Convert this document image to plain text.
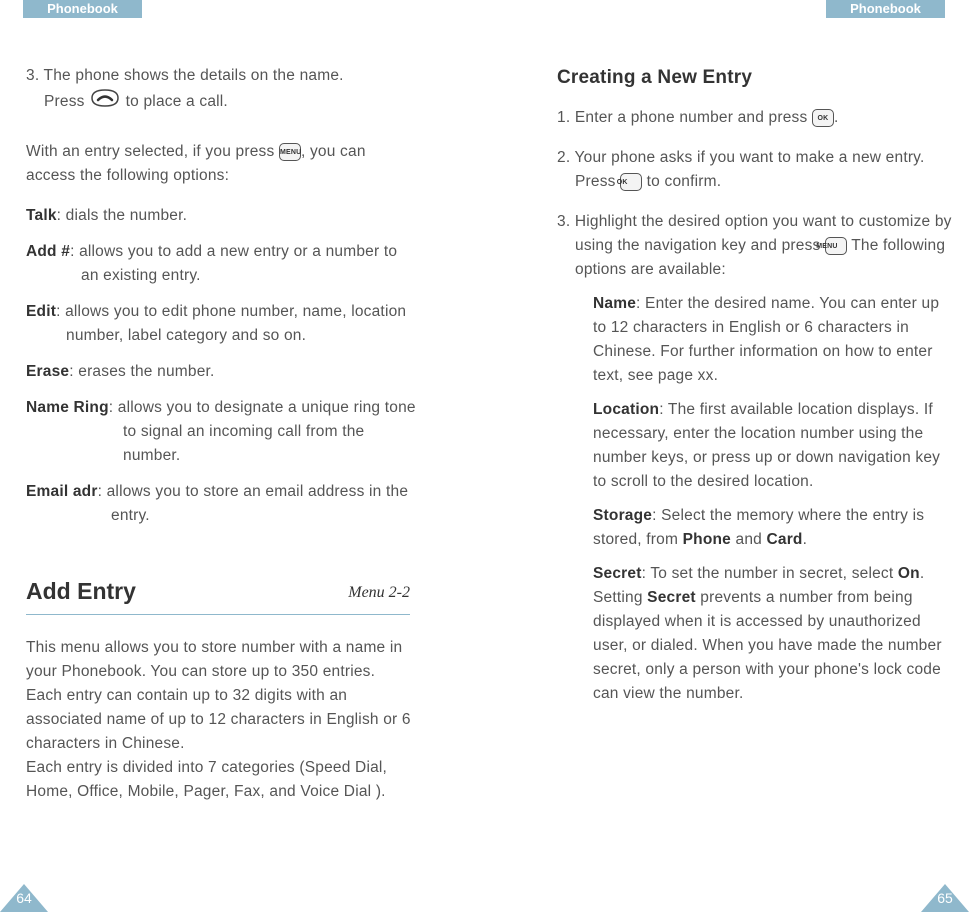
Phonebook	Phonebook

3. The phone shows the details on the name.
Press	to place a call.

With an entry selected, if you press MENU, you can access the following options:

Talk: dials the number.

Add #: allows you to add a new entry or a number to an existing entry.

Edit: allows you to edit phone number, name, location number, label category and so on.

Erase: erases the number.

Name Ring: allows you to designate a unique ring tone to signal an incoming call from the number.

Email adr: allows you to store an email address in the entry.

Add Entry	Menu 2-2

This menu allows you to store number with a name in your Phonebook. You can store up to 350 entries. Each entry can contain up to 32 digits with an associated name of up to 12 characters in English or 6 characters in Chinese.

Each entry is divided into 7 categories (Speed Dial, Home, Office, Mobile, Pager, Fax, and Voice Dial ).

Creating a New Entry

1. Enter a phone number and press OK .

2. Your phone asks if you want to make a new entry. Press OK to confirm.

3. Highlight the desired option you want to customize by using the navigation key and press MENU The following options are available:

Name: Enter the desired name. You can enter up to 12 characters in English or 6 characters in Chinese. For further information on how to enter text, see page xx.

Location: The first available location displays. If necessary, enter the location number using the number keys, or press up or down navigation key to scroll to the desired location.

Storage: Select the memory where the entry is stored, from Phone and Card.

Secret: To set the number in secret, select On. Setting Secret prevents a number from being displayed when it is accessed by unauthorized user, or dialed. When you have made the number secret, only a person with your phone's lock code can view the number.

64	65
